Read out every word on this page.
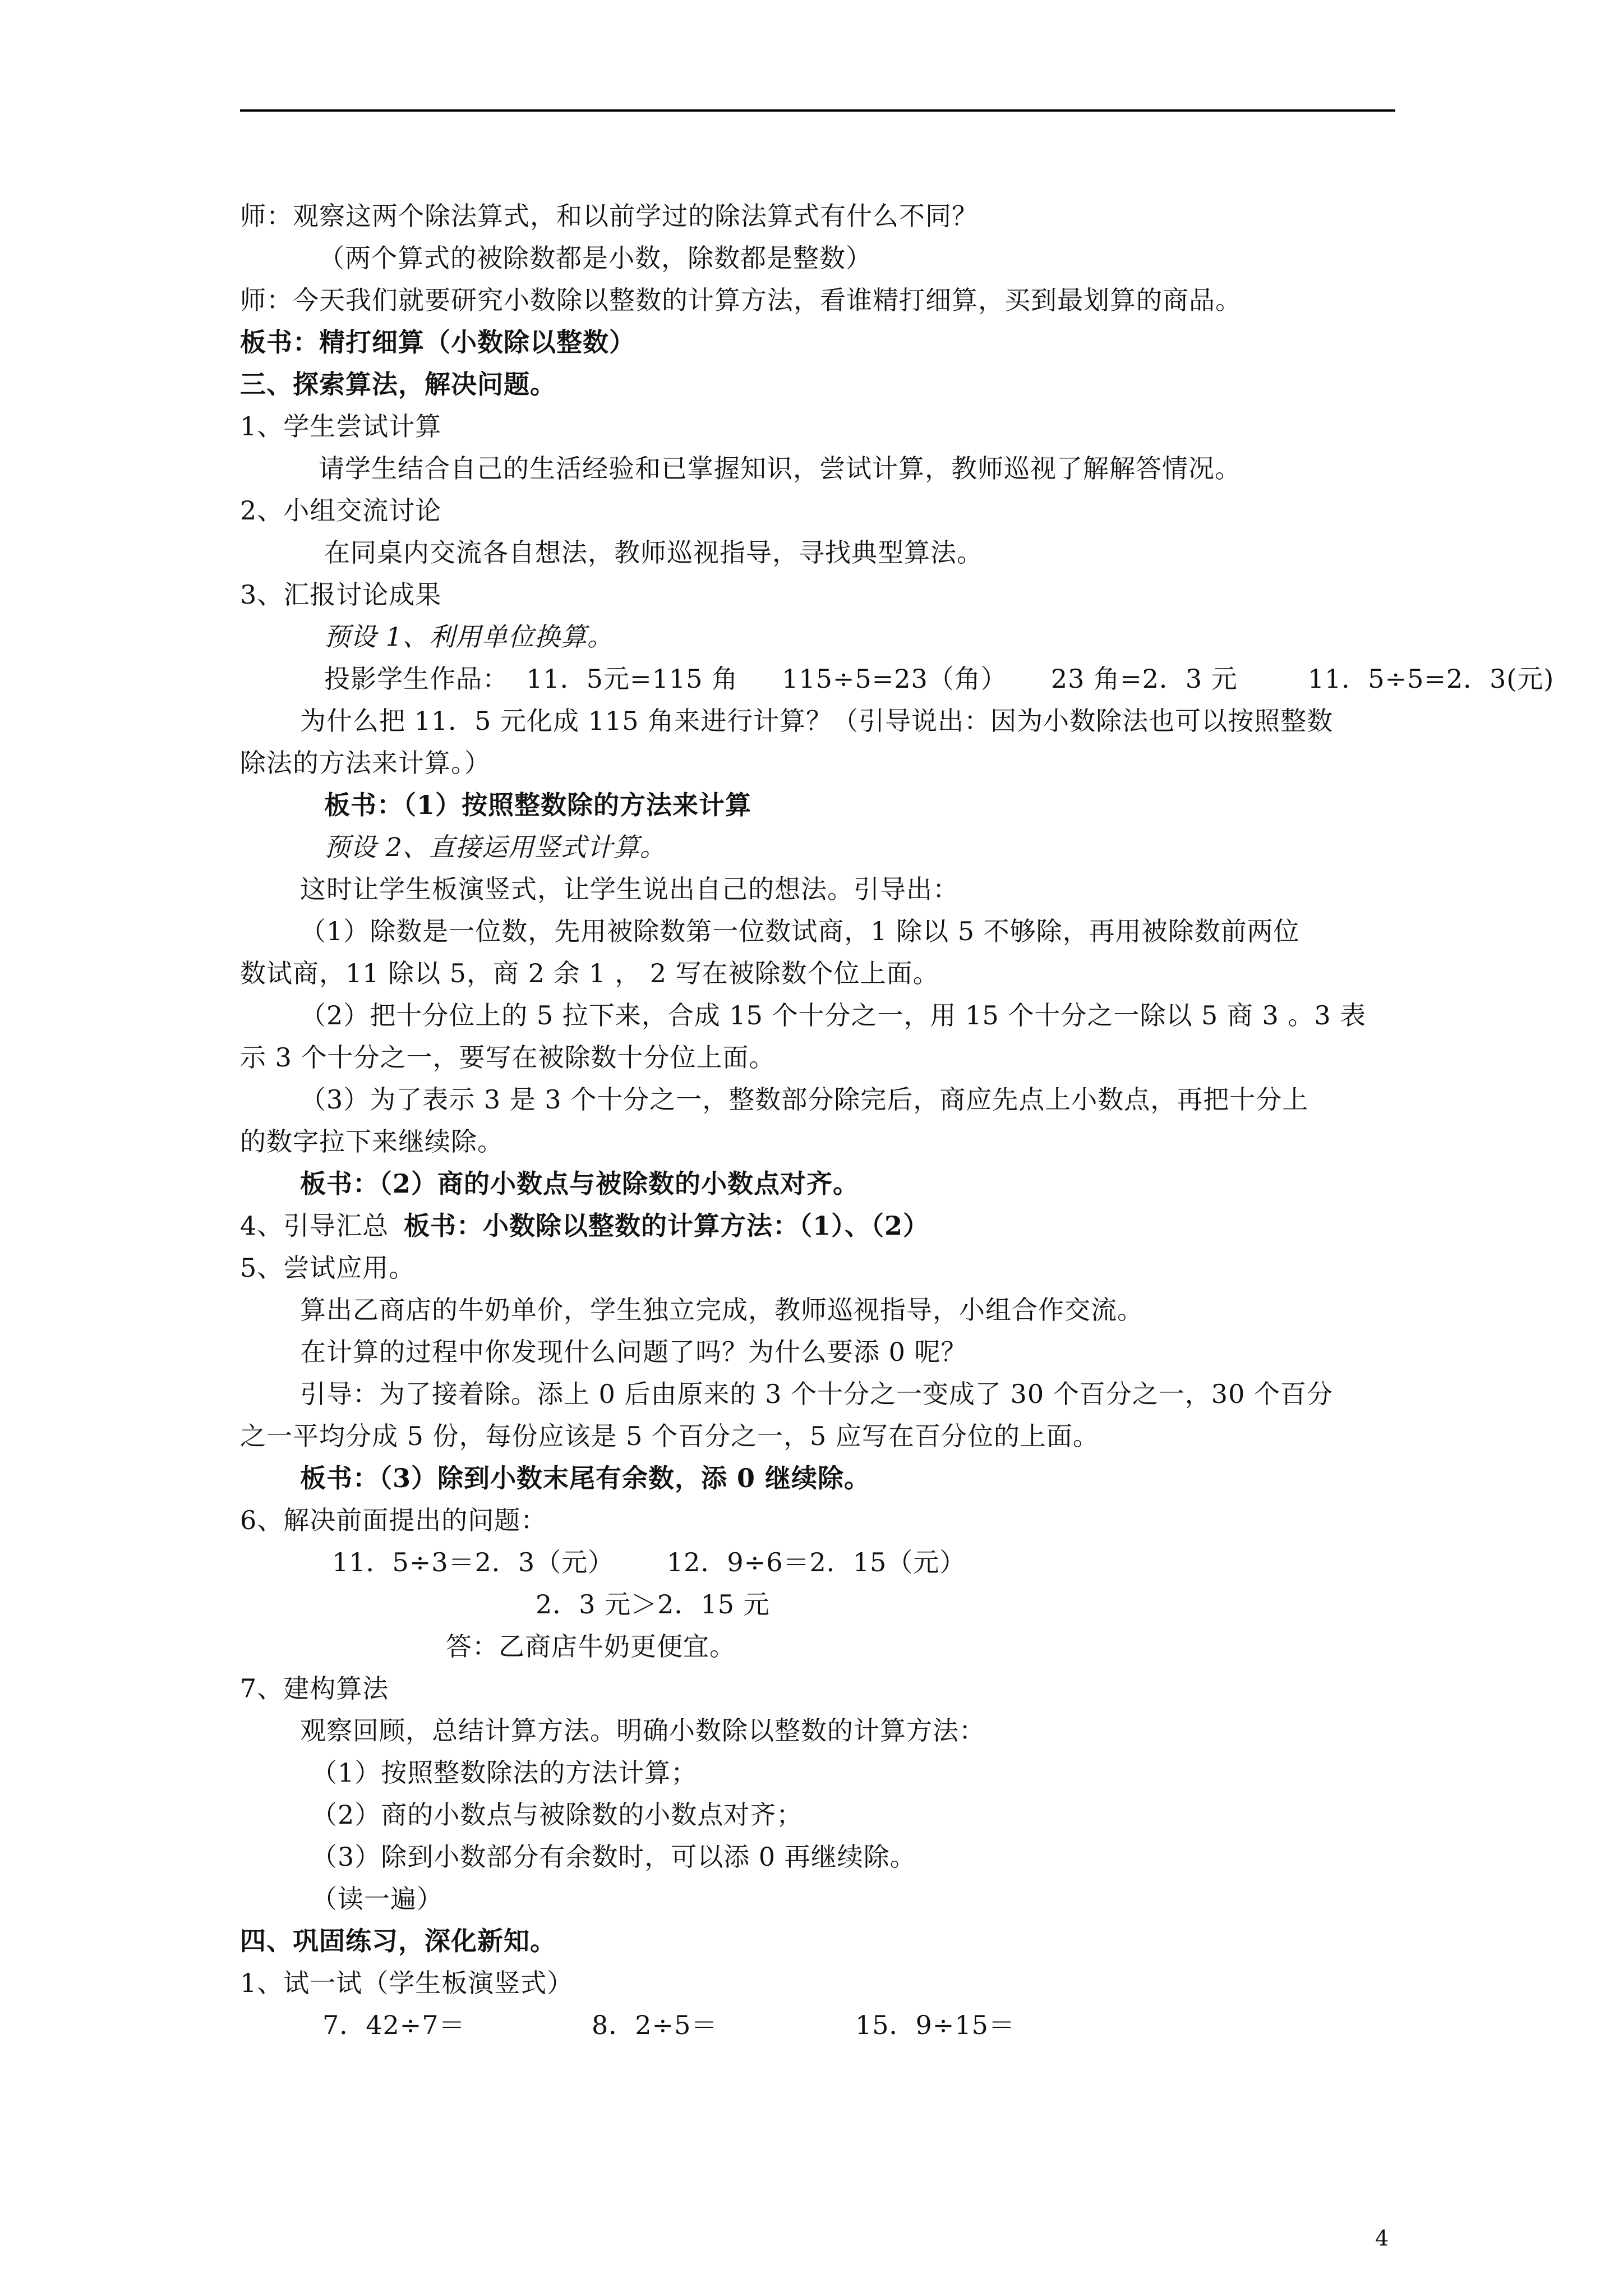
师：观察这两个除法算式，和以前学过的除法算式有什么不同？
（两个算式的被除数都是小数，除数都是整数）
师：今天我们就要研究小数除以整数的计算方法，看谁精打细算，买到最划算的商品。
板书：精打细算（小数除以整数）
三、探索算法，解决问题。
1、学生尝试计算
请学生结合自己的生活经验和已掌握知识，尝试计算，教师巡视了解解答情况。
2、小组交流讨论
在同桌内交流各自想法，教师巡视指导，寻找典型算法。
3、汇报讨论成果
预设 1、利用单位换算。
投影学生作品：  11．5元=115 角     115÷5=23（角）     23 角=2．3 元        11．5÷5=2．3(元)
为什么把 11．5 元化成 115 角来进行计算？（引导说出：因为小数除法也可以按照整数
除法的方法来计算。）
板书：（1）按照整数除的方法来计算
预设 2、直接运用竖式计算。
这时让学生板演竖式，让学生说出自己的想法。引导出：
（1）除数是一位数，先用被除数第一位数试商，1 除以 5 不够除，再用被除数前两位
数试商，11 除以 5，商 2 余 1 ， 2 写在被除数个位上面。
（2）把十分位上的 5 拉下来，合成 15 个十分之一，用 15 个十分之一除以 5 商 3 。3 表
示 3 个十分之一，要写在被除数十分位上面。
（3）为了表示 3 是 3 个十分之一，整数部分除完后，商应先点上小数点，再把十分上
的数字拉下来继续除。
板书：（2）商的小数点与被除数的小数点对齐。
4、引导汇总 板书：小数除以整数的计算方法：（1）、（2）
5、尝试应用。
算出乙商店的牛奶单价，学生独立完成，教师巡视指导，小组合作交流。
在计算的过程中你发现什么问题了吗？为什么要添 0 呢？
引导：为了接着除。添上 0 后由原来的 3 个十分之一变成了 30 个百分之一，30 个百分
之一平均分成 5 份，每份应该是 5 个百分之一，5 应写在百分位的上面。
板书：（3）除到小数末尾有余数，添 0 继续除。
6、解决前面提出的问题：
11．5÷3＝2．3（元）      12．9÷6＝2．15（元）
2．3 元＞2．15 元
答：乙商店牛奶更便宜。
7、建构算法
观察回顾，总结计算方法。明确小数除以整数的计算方法：
（1）按照整数除法的方法计算；
（2）商的小数点与被除数的小数点对齐；
（3）除到小数部分有余数时，可以添 0 再继续除。
（读一遍）
四、巩固练习，深化新知。
1、试一试（学生板演竖式）
7．42÷7＝	8．2÷5＝	15．9÷15＝
4
